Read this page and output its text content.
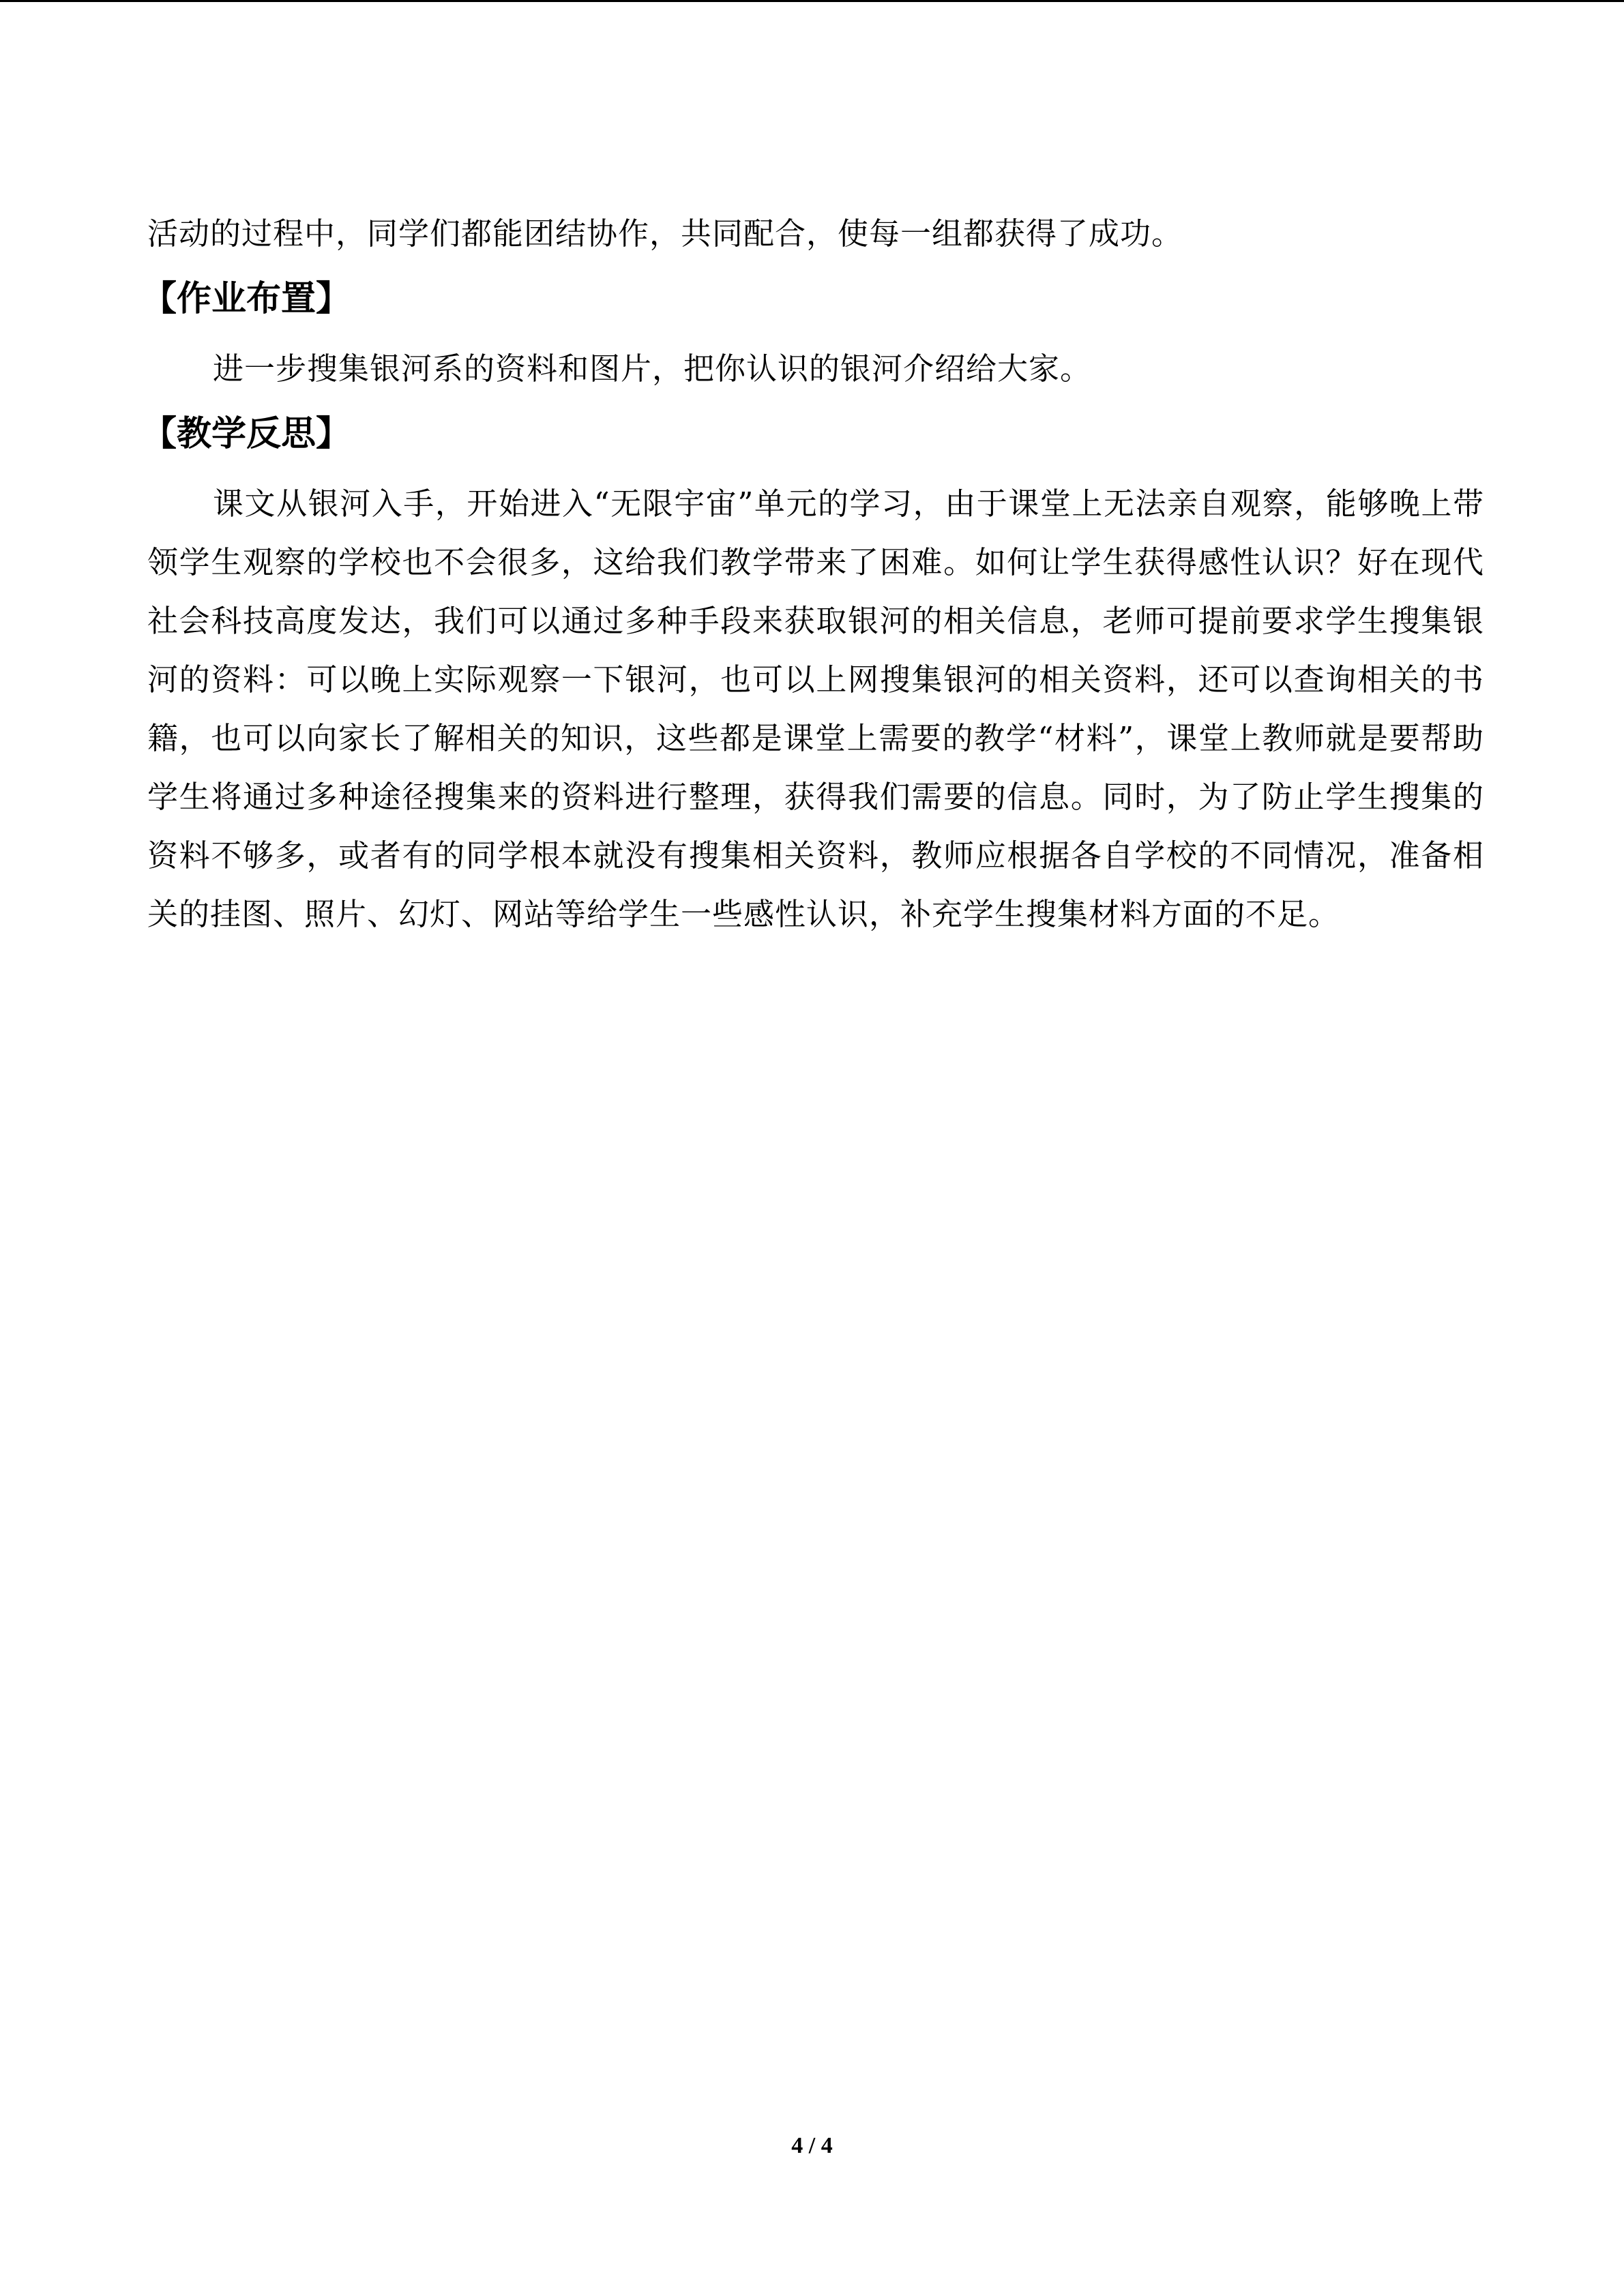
活动的过程中，同学们都能团结协作，共同配合，使每一组都获得了成功。

【作业布置】

进一步搜集银河系的资料和图片，把你认识的银河介绍给大家。

【教学反思】

课文从银河入手，开始进入“无限宇宙”单元的学习，由于课堂上无法亲自观察，能够晚上带领学生观察的学校也不会很多，这给我们教学带来了困难。如何让学生获得感性认识？好在现代社会科技高度发达，我们可以通过多种手段来获取银河的相关信息，老师可提前要求学生搜集银河的资料：可以晚上实际观察一下银河，也可以上网搜集银河的相关资料，还可以查询相关的书籍，也可以向家长了解相关的知识，这些都是课堂上需要的教学“材料”，课堂上教师就是要帮助学生将通过多种途径搜集来的资料进行整理，获得我们需要的信息。同时，为了防止学生搜集的资料不够多，或者有的同学根本就没有搜集相关资料，教师应根据各自学校的不同情况，准备相关的挂图、照片、幻灯、网站等给学生一些感性认识，补充学生搜集材料方面的不足。

4 / 4
